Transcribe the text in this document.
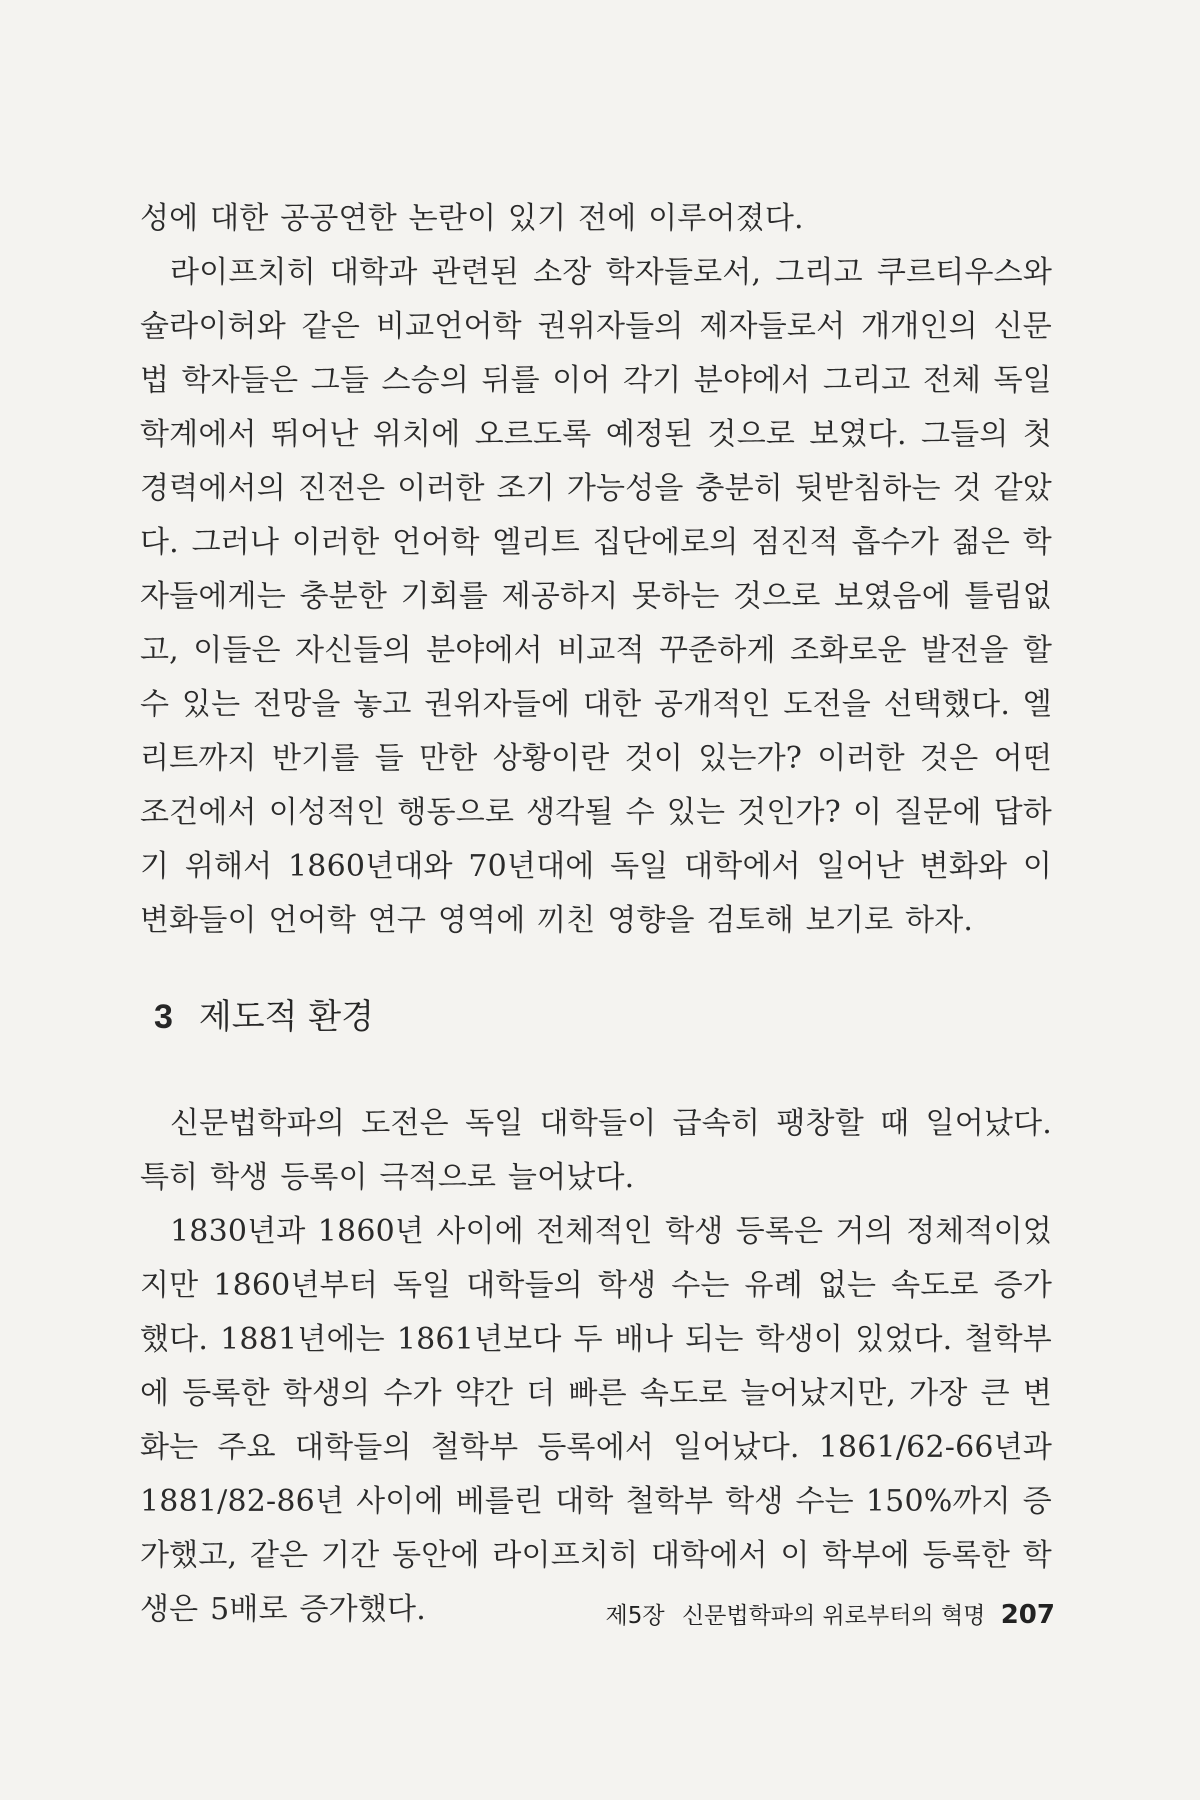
성에 대한 공공연한 논란이 있기 전에 이루어졌다.

라이프치히 대학과 관련된 소장 학자들로서, 그리고 쿠르티우스와 슐라이허와 같은 비교언어학 권위자들의 제자들로서 개개인의 신문법 학자들은 그들 스승의 뒤를 이어 각기 분야에서 그리고 전체 독일 학계에서 뛰어난 위치에 오르도록 예정된 것으로 보였다. 그들의 첫 경력에서의 진전은 이러한 조기 가능성을 충분히 뒷받침하는 것 같았다. 그러나 이러한 언어학 엘리트 집단에로의 점진적 흡수가 젊은 학자들에게는 충분한 기회를 제공하지 못하는 것으로 보였음에 틀림없고, 이들은 자신들의 분야에서 비교적 꾸준하게 조화로운 발전을 할 수 있는 전망을 놓고 권위자들에 대한 공개적인 도전을 선택했다. 엘리트까지 반기를 들 만한 상황이란 것이 있는가? 이러한 것은 어떤 조건에서 이성적인 행동으로 생각될 수 있는 것인가? 이 질문에 답하기 위해서 1860년대와 70년대에 독일 대학에서 일어난 변화와 이 변화들이 언어학 연구 영역에 끼친 영향을 검토해 보기로 하자.

3 제도적 환경

신문법학파의 도전은 독일 대학들이 급속히 팽창할 때 일어났다. 특히 학생 등록이 극적으로 늘어났다.

1830년과 1860년 사이에 전체적인 학생 등록은 거의 정체적이었지만 1860년부터 독일 대학들의 학생 수는 유례 없는 속도로 증가했다. 1881년에는 1861년보다 두 배나 되는 학생이 있었다. 철학부에 등록한 학생의 수가 약간 더 빠른 속도로 늘어났지만, 가장 큰 변화는 주요 대학들의 철학부 등록에서 일어났다. 1861/62-66년과 1881/82-86년 사이에 베를린 대학 철학부 학생 수는 150%까지 증가했고, 같은 기간 동안에 라이프치히 대학에서 이 학부에 등록한 학생은 5배로 증가했다.	제5장 신문법학파의 위로부터의 혁명 207
